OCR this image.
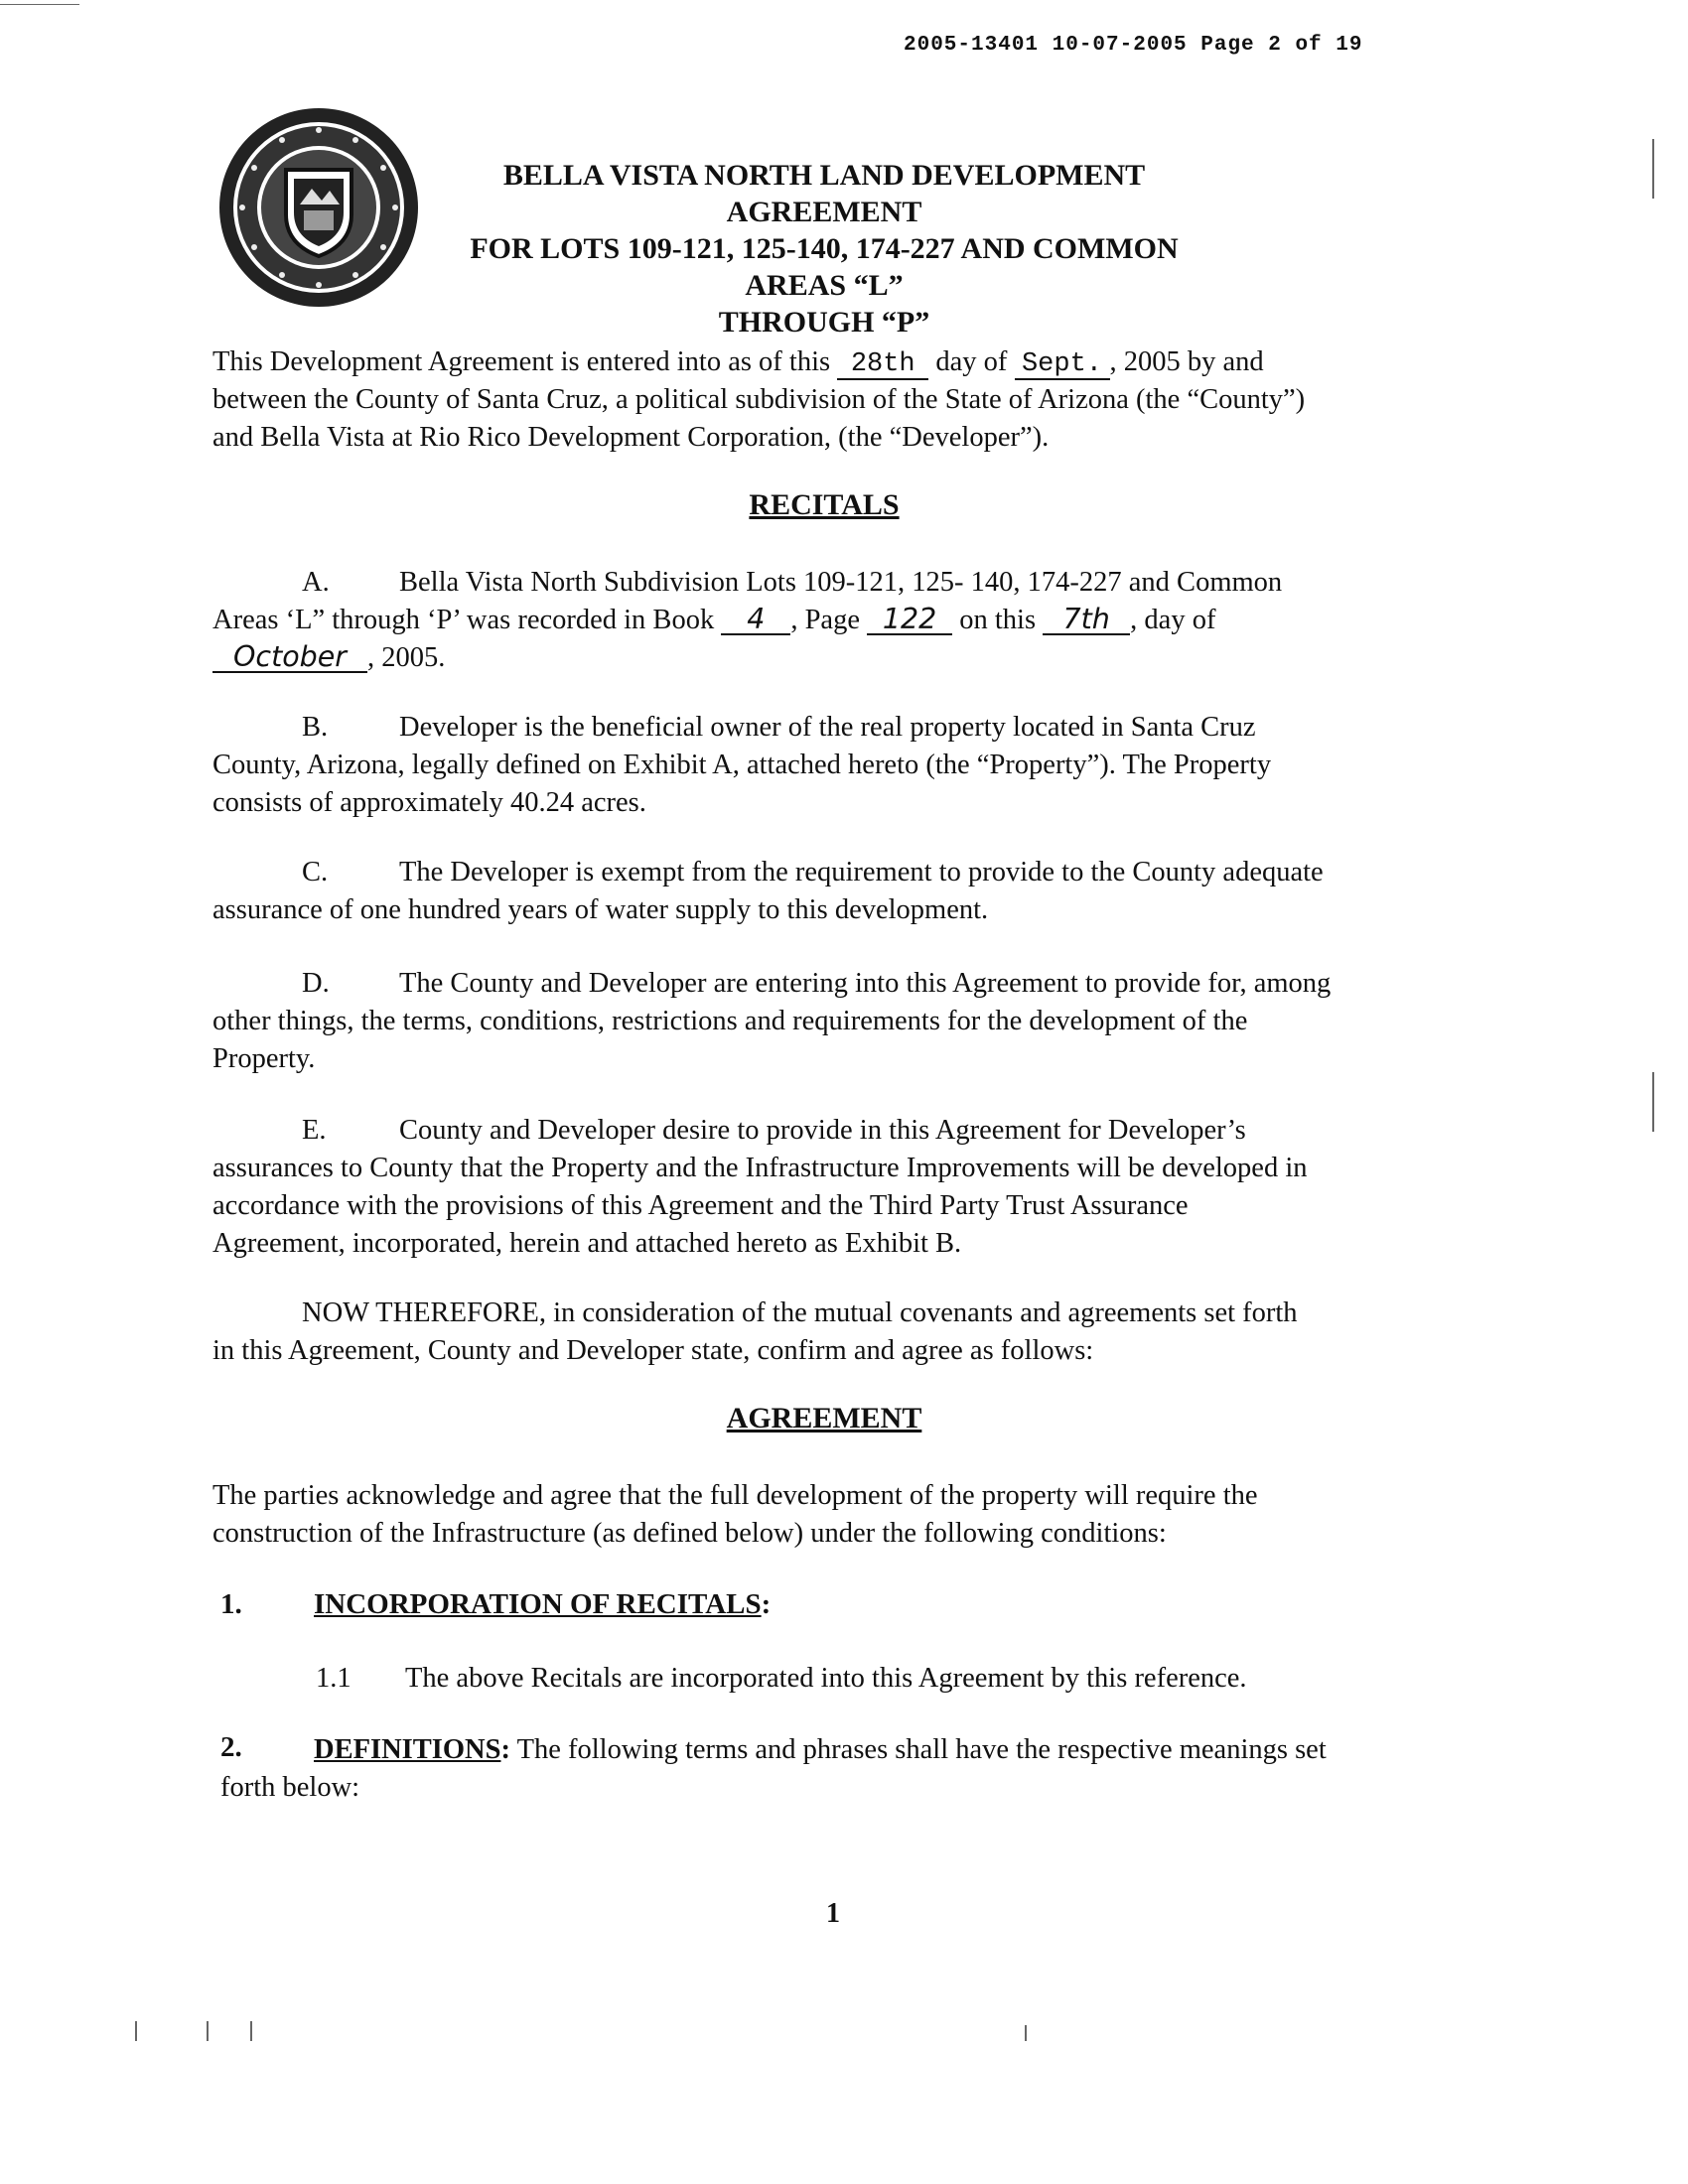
2005-13401 10-07-2005 Page 2 of 19
BELLA VISTA NORTH LAND DEVELOPMENT AGREEMENT
FOR LOTS 109-121, 125-140, 174-227 AND COMMON AREAS “L”
THROUGH “P”
This Development Agreement is entered into as of this 28th day of Sept. , 2005 by and
between the County of Santa Cruz, a political subdivision of the State of Arizona (the “County”)
and Bella Vista at Rio Rico Development Corporation, (the “Developer”).
RECITALS
A. Bella Vista North Subdivision Lots 109-121, 125- 140, 174-227 and Common
Areas ‘L” through ‘P’ was recorded in Book 4 , Page 122 on this 7th , day of
October , 2005.
B.	Developer is the beneficial owner of the real property located in Santa Cruz
County, Arizona, legally defined on Exhibit A, attached hereto (the “Property”). The Property
consists of approximately 40.24 acres.
C.	The Developer is exempt from the requirement to provide to the County adequate
assurance of one hundred years of water supply to this development.
D. The County and Developer are entering into this Agreement to provide for, among
other things, the terms, conditions, restrictions and requirements for the development of the
Property.
E.	County and Developer desire to provide in this Agreement for Developer’s
assurances to County that the Property and the Infrastructure Improvements will be developed in
accordance with the provisions of this Agreement and the Third Party Trust Assurance
Agreement, incorporated, herein and attached hereto as Exhibit B.
NOW THEREFORE, in consideration of the mutual covenants and agreements set forth
in this Agreement, County and Developer state, confirm and agree as follows:
AGREEMENT
The parties acknowledge and agree that the full development of the property will require the
construction of the Infrastructure (as defined below) under the following conditions:
1. INCORPORATION OF RECITALS:
1.1 The above Recitals are incorporated into this Agreement by this reference.
2.	DEFINITIONS: The following terms and phrases shall have the respective meanings set
forth below:
1
